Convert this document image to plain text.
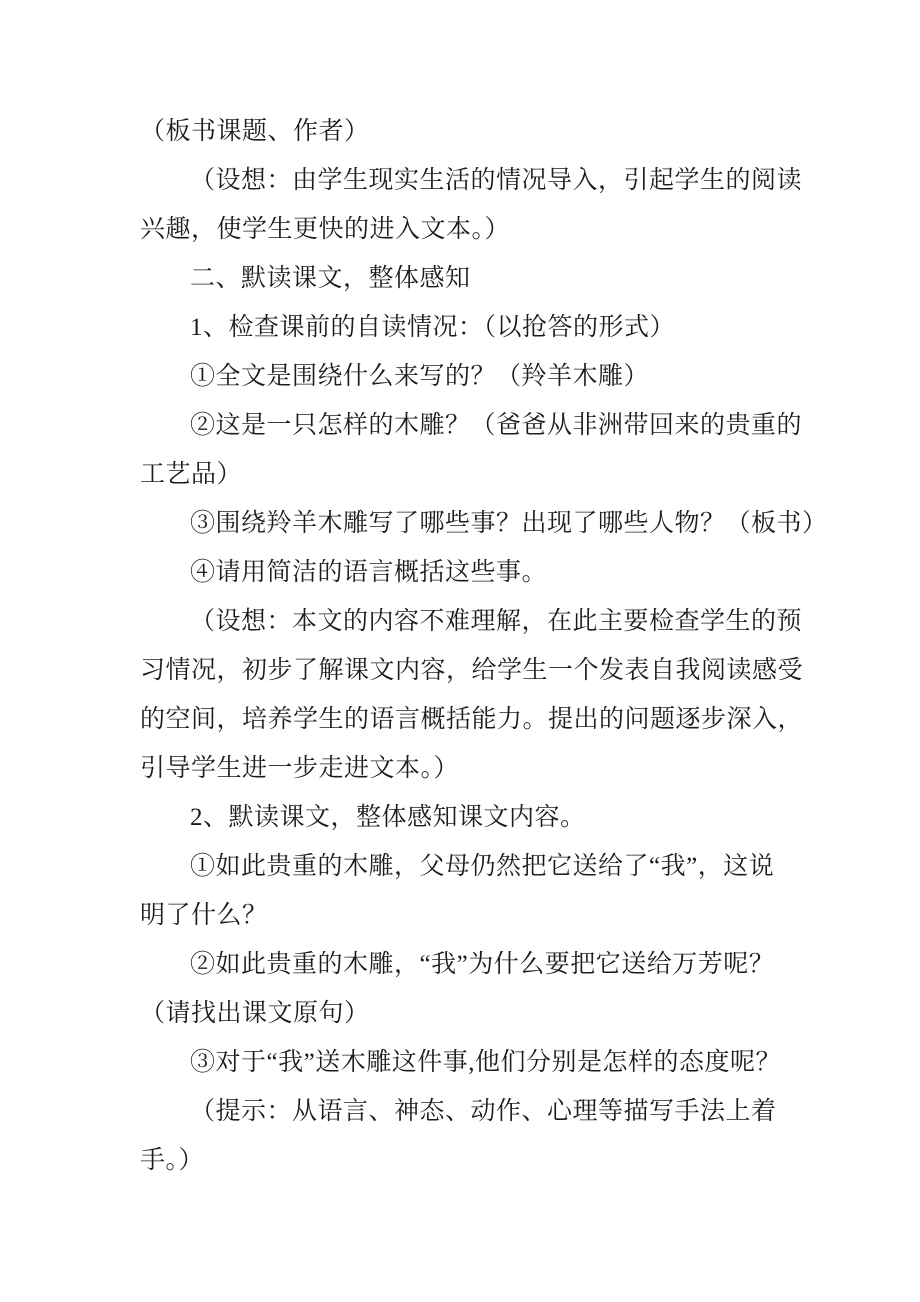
（板书课题、作者）
（设想：由学生现实生活的情况导入，引起学生的阅读
兴趣，使学生更快的进入文本。）
二、默读课文，整体感知
1、检查课前的自读情况：（以抢答的形式）
①全文是围绕什么来写的？（羚羊木雕）
②这是一只怎样的木雕？（爸爸从非洲带回来的贵重的
工艺品）
③围绕羚羊木雕写了哪些事？出现了哪些人物？（板书）
④请用简洁的语言概括这些事。
（设想：本文的内容不难理解，在此主要检查学生的预
习情况，初步了解课文内容，给学生一个发表自我阅读感受
的空间，培养学生的语言概括能力。提出的问题逐步深入，
引导学生进一步走进文本。）
2、默读课文，整体感知课文内容。
①如此贵重的木雕，父母仍然把它送给了“我”，这说
明了什么？
②如此贵重的木雕，“我”为什么要把它送给万芳呢？
（请找出课文原句）
③对于“我”送木雕这件事,他们分别是怎样的态度呢？
（提示：从语言、神态、动作、心理等描写手法上着
手。）
